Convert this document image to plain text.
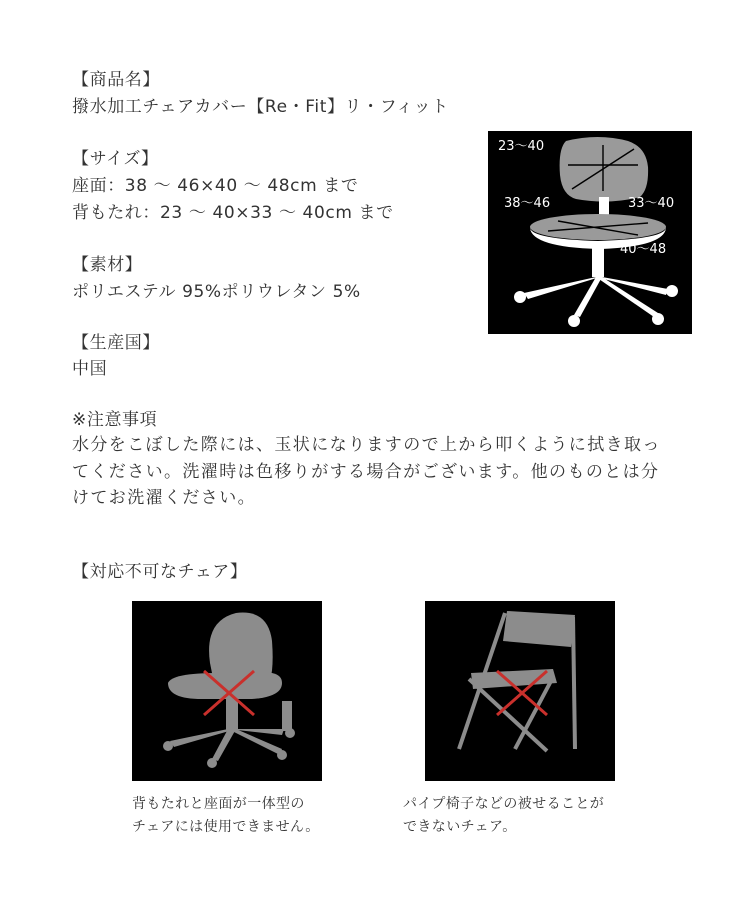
【商品名】
撥水加工チェアカバー【Re・Fit】リ・フィット
【サイズ】
座面：38 ～ 46×40 ～ 48cm まで
背もたれ：23 ～ 40×33 ～ 40cm まで
【素材】
ポリエステル 95%ポリウレタン 5%
【生産国】
中国
※注意事項
水分をこぼした際には、玉状になりますので上から叩くように拭き取ってください。洗濯時は色移りがする場合がございます。他のものとは分けてお洗濯ください。
23～40
38～46	33～40
40～48
【対応不可なチェア】
背もたれと座面が一体型の
チェアには使用できません。
パイプ椅子などの被せることが
できないチェア。
